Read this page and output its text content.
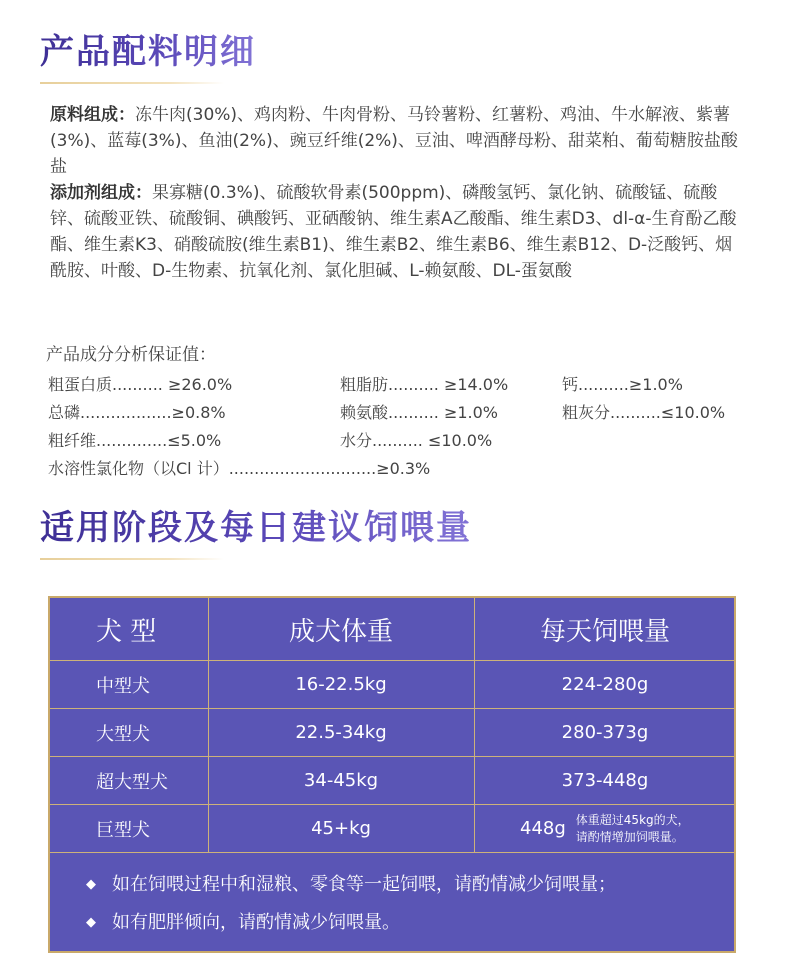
产品配料明细

原料组成：冻牛肉(30%)、鸡肉粉、牛肉骨粉、马铃薯粉、红薯粉、鸡油、牛水解液、紫薯(3%)、蓝莓(3%)、鱼油(2%)、豌豆纤维(2%)、豆油、啤酒酵母粉、甜菜粕、葡萄糖胺盐酸盐

添加剂组成：果寡糖(0.3%)、硫酸软骨素(500ppm)、磷酸氢钙、氯化钠、硫酸锰、硫酸锌、硫酸亚铁、硫酸铜、碘酸钙、亚硒酸钠、维生素A乙酸酯、维生素D3、dl-α-生育酚乙酸酯、维生素K3、硝酸硫胺(维生素B1)、维生素B2、维生素B6、维生素B12、D-泛酸钙、烟酰胺、叶酸、D-生物素、抗氧化剂、氯化胆碱、L-赖氨酸、DL-蛋氨酸

产品成分分析保证值：

粗蛋白质.......... ≥26.0%	粗脂肪.......... ≥14.0%	钙..........≥1.0%
总磷..................≥0.8%	赖氨酸.......... ≥1.0%	粗灰分..........≤10.0%
粗纤维..............≤5.0%	水分.......... ≤10.0%
水溶性氯化物（以Cl 计）.............................≥0.3%
适用阶段及每日建议饲喂量
犬 型	成犬体重	每天饲喂量
中型犬	16-22.5kg	224-280g
大型犬	22.5-34kg	280-373g
超大型犬	34-45kg	373-448g
巨型犬	45+kg	448g 体重超过45kg的犬，
请酌情增加饲喂量。
◆ 如在饲喂过程中和湿粮、零食等一起饲喂，请酌情减少饲喂量；
◆ 如有肥胖倾向，请酌情减少饲喂量。
